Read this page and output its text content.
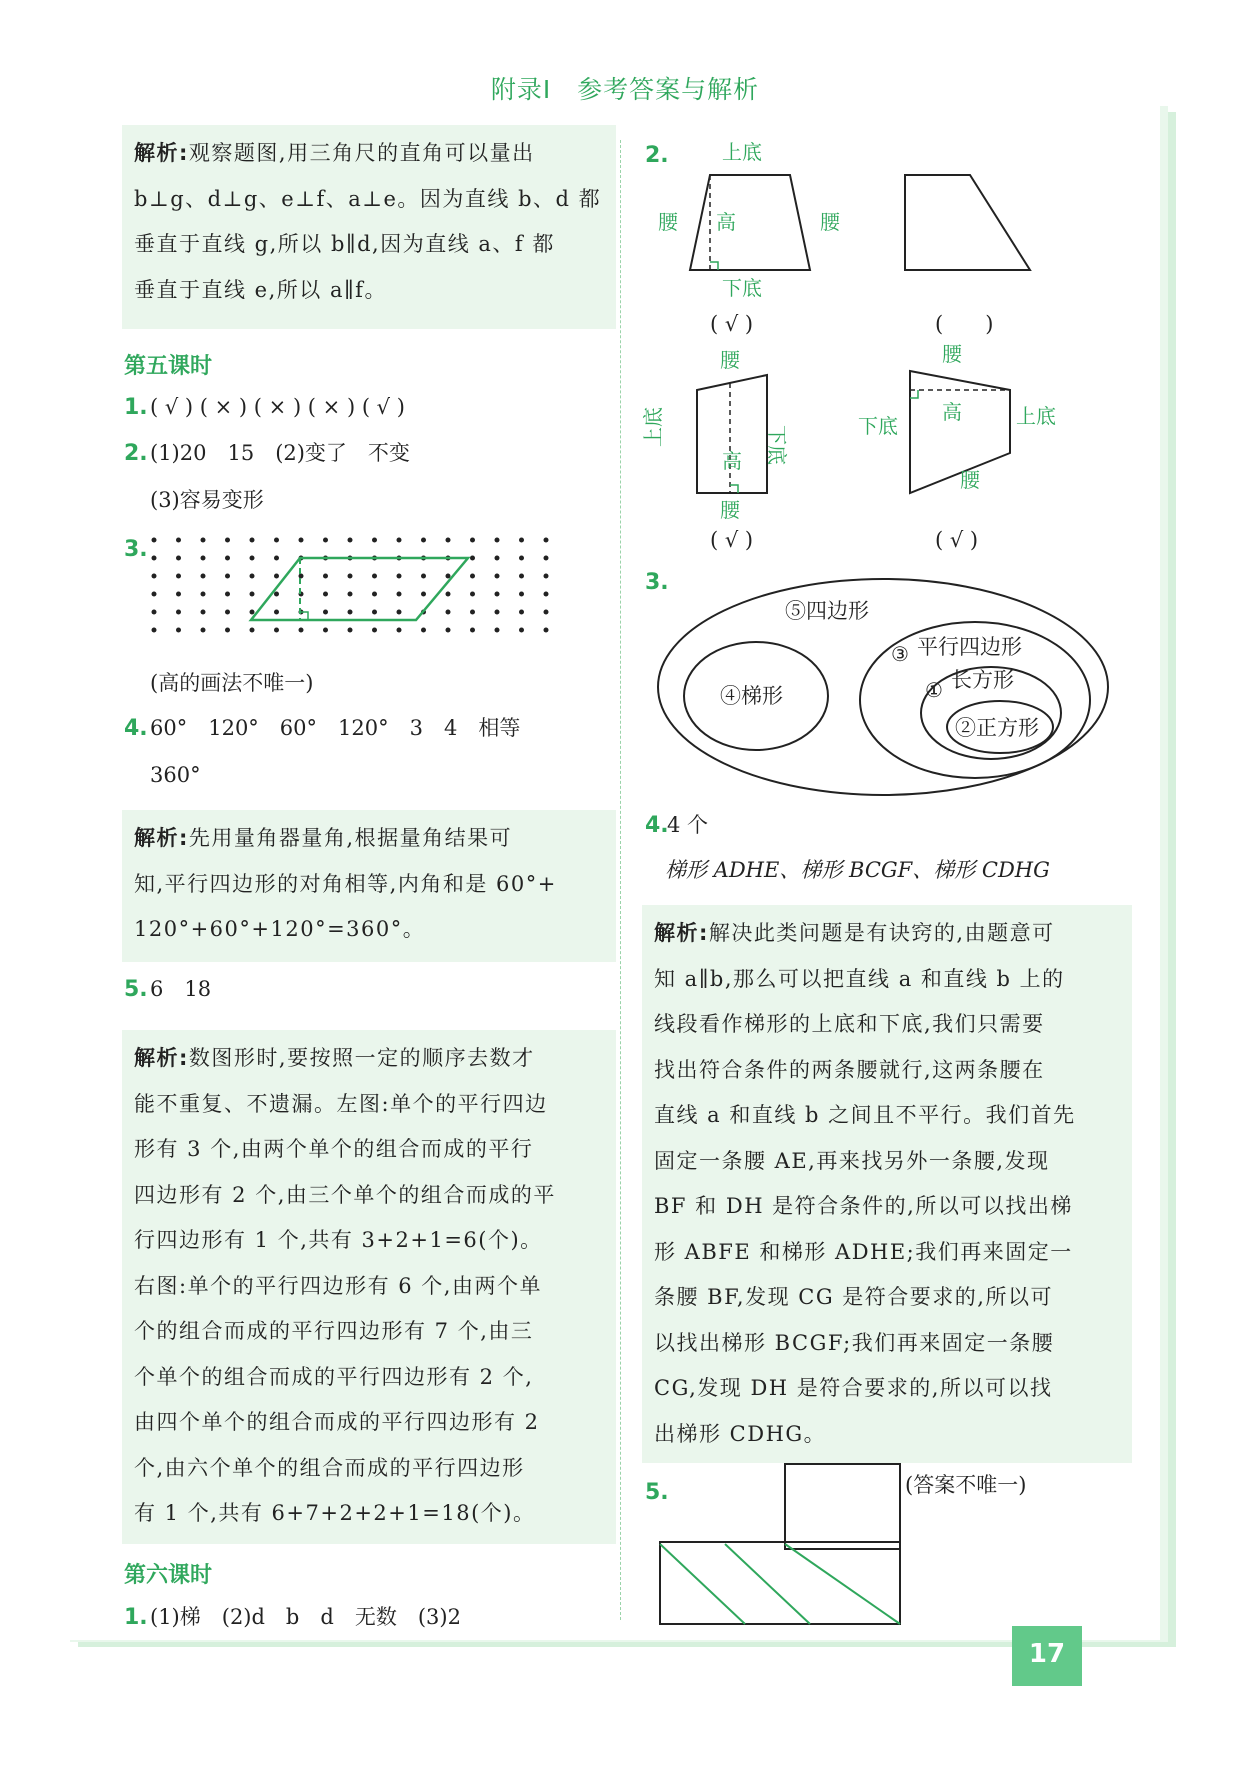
附录Ⅰ　参考答案与解析
解析:观察题图,用三角尺的直角可以量出
b⊥g、d⊥g、e⊥f、a⊥e。因为直线 b、d 都
垂直于直线 g,所以 b∥d,因为直线 a、f 都
垂直于直线 e,所以 a∥f。
第五课时
1. ( √ ) ( × ) ( × ) ( × ) ( √ )
2. (1)20　15　(2)变了　不变
(3)容易变形
3.
(高的画法不唯一)
4. 60°　120°　60°　120°　3　4　相等
360°
解析:先用量角器量角,根据量角结果可
知,平行四边形的对角相等,内角和是 60°+
120°+60°+120°=360°。
5. 6　18
解析:数图形时,要按照一定的顺序去数才
能不重复、不遗漏。左图:单个的平行四边
形有 3 个,由两个单个的组合而成的平行
四边形有 2 个,由三个单个的组合而成的平
行四边形有 1 个,共有 3+2+1=6(个)。
右图:单个的平行四边形有 6 个,由两个单
个的组合而成的平行四边形有 7 个,由三
个单个的组合而成的平行四边形有 2 个,
由四个单个的组合而成的平行四边形有 2
个,由六个单个的组合而成的平行四边形
有 1 个,共有 6+7+2+2+1=18(个)。
第六课时
1. (1)梯　(2)d　b　d　无数　(3)2
2.	上底
腰	腰
高
下底
( √ )	(　　)
腰
上底	下底
高
腰
( √ )
腰
下底
高	上底
腰
( √ )
3.
⑤四边形
③ 平行四边形
① 长方形
②正方形
④梯形
4.
4 个
梯形 ADHE、梯形 BCGF、梯形 CDHG
解析:解决此类问题是有诀窍的,由题意可
知 a∥b,那么可以把直线 a 和直线 b 上的
线段看作梯形的上底和下底,我们只需要
找出符合条件的两条腰就行,这两条腰在
直线 a 和直线 b 之间且不平行。我们首先
固定一条腰 AE,再来找另外一条腰,发现
BF 和 DH 是符合条件的,所以可以找出梯
形 ABFE 和梯形 ADHE;我们再来固定一
条腰 BF,发现 CG 是符合要求的,所以可
以找出梯形 BCGF;我们再来固定一条腰
CG,发现 DH 是符合要求的,所以可以找
出梯形 CDHG。
5.	(答案不唯一)
17
